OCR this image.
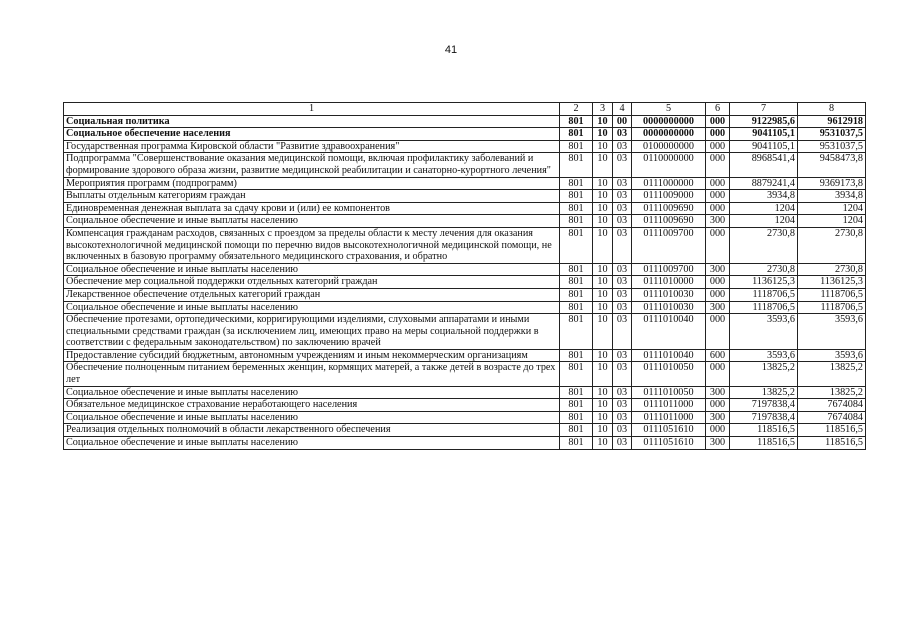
41
1	2	3	4	5	6	7	8
Социальная политика	801	10	00	0000000000	000	9122985,6	9612918
Социальное обеспечение населения	801	10	03	0000000000	000	9041105,1	9531037,5
Государственная программа Кировской области "Развитие здравоохранения"	801	10	03	0100000000	000	9041105,1	9531037,5
Подпрограмма "Совершенствование оказания медицинской помощи, включая профилактику заболеваний и формирование здорового образа жизни, развитие медицинской реабилитации и санаторно-курортного лечения"	801	10	03	0110000000	000	8968541,4	9458473,8
Мероприятия программ (подпрограмм)	801	10	03	0111000000	000	8879241,4	9369173,8
Выплаты отдельным категориям граждан	801	10	03	0111009000	000	3934,8	3934,8
Единовременная денежная выплата за сдачу крови и (или) ее компонентов	801	10	03	0111009690	000	1204	1204
Социальное обеспечение и иные выплаты населению	801	10	03	0111009690	300	1204	1204
Компенсация гражданам расходов, связанных с проездом за пределы области к месту лечения для оказания высокотехнологичной медицинской помощи по перечню видов высокотехнологичной медицинской помощи, не включенных в базовую программу обязательного медицинского страхования, и обратно	801	10	03	0111009700	000	2730,8	2730,8
Социальное обеспечение и иные выплаты населению	801	10	03	0111009700	300	2730,8	2730,8
Обеспечение мер социальной поддержки отдельных категорий граждан	801	10	03	0111010000	000	1136125,3	1136125,3
Лекарственное обеспечение отдельных категорий граждан	801	10	03	0111010030	000	1118706,5	1118706,5
Социальное обеспечение и иные выплаты населению	801	10	03	0111010030	300	1118706,5	1118706,5
Обеспечение протезами, ортопедическими, корригирующими изделиями, слуховыми аппаратами и иными специальными средствами граждан (за исключением лиц, имеющих право на меры социальной поддержки в соответствии с федеральным законодательством) по заключению врачей	801	10	03	0111010040	000	3593,6	3593,6
Предоставление субсидий бюджетным, автономным учреждениям и иным некоммерческим организациям	801	10	03	0111010040	600	3593,6	3593,6
Обеспечение полноценным питанием беременных женщин, кормящих матерей, а также детей в возрасте до трех лет	801	10	03	0111010050	000	13825,2	13825,2
Социальное обеспечение и иные выплаты населению	801	10	03	0111010050	300	13825,2	13825,2
Обязательное медицинское страхование неработающего населения	801	10	03	0111011000	000	7197838,4	7674084
Социальное обеспечение и иные выплаты населению	801	10	03	0111011000	300	7197838,4	7674084
Реализация отдельных полномочий в области лекарственного обеспечения	801	10	03	0111051610	000	118516,5	118516,5
Социальное обеспечение и иные выплаты населению	801	10	03	0111051610	300	118516,5	118516,5
